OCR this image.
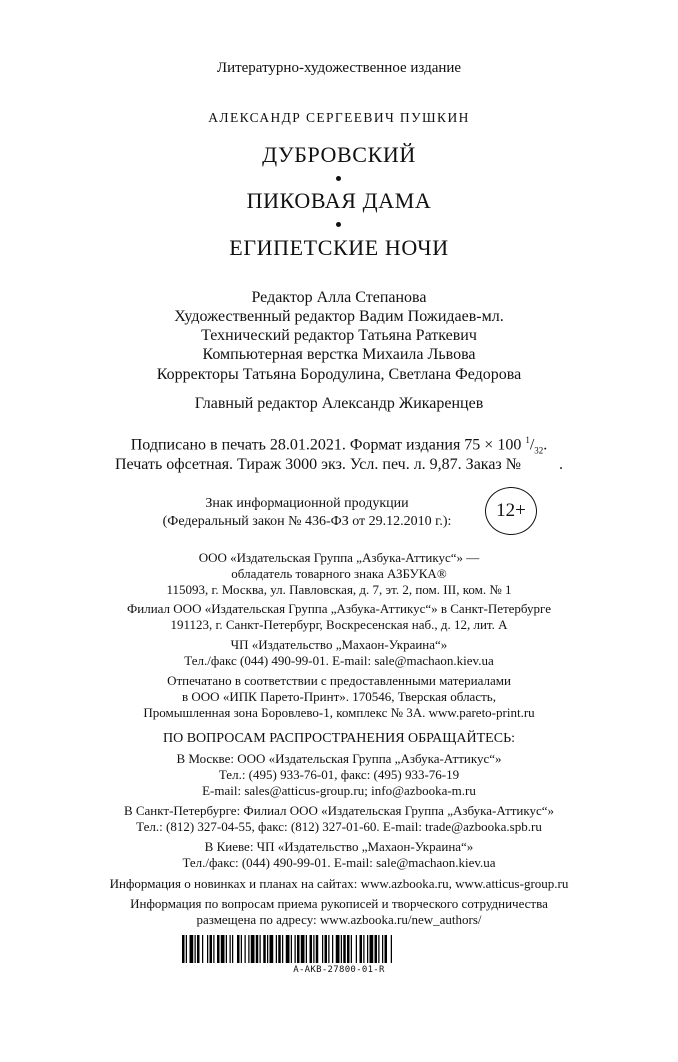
Литературно-художественное издание
АЛЕКСАНДР СЕРГЕЕВИЧ ПУШКИН
ДУБРОВСКИЙ
ПИКОВАЯ ДАМА
ЕГИПЕТСКИЕ НОЧИ
Редактор Алла Степанова
Художественный редактор Вадим Пожидаев-мл.
Технический редактор Татьяна Раткевич
Компьютерная верстка Михаила Львова
Корректоры Татьяна Бородулина, Светлана Федорова
Главный редактор Александр Жикаренцев
Подписано в печать 28.01.2021. Формат издания 75 × 100 $^1/_{32}$.
Печать офсетная. Тираж 3000 экз. Усл. печ. л. 9,87. Заказ № .
Знак информационной продукции
(Федеральный закон № 436-ФЗ от 29.12.2010 г.):
12+
ООО «Издательская Группа „Азбука-Аттикус“» —
обладатель товарного знака АЗБУКА®
115093, г. Москва, ул. Павловская, д. 7, эт. 2, пом. III, ком. № 1
Филиал ООО «Издательская Группа „Азбука-Аттикус“» в Санкт-Петербурге
191123, г. Санкт-Петербург, Воскресенская наб., д. 12, лит. А
ЧП «Издательство „Махаон-Украина“»
Тел./факс (044) 490-99-01. E-mail: sale@machaon.kiev.ua
Отпечатано в соответствии с предоставленными материалами
в ООО «ИПК Парето-Принт». 170546, Тверская область,
Промышленная зона Боровлево-1, комплекс № 3А. www.pareto-print.ru
ПО ВОПРОСАМ РАСПРОСТРАНЕНИЯ ОБРАЩАЙТЕСЬ:
В Москве: ООО «Издательская Группа „Азбука-Аттикус“»
Тел.: (495) 933-76-01, факс: (495) 933-76-19
E-mail: sales@atticus-group.ru; info@azbooka-m.ru
В Санкт-Петербурге: Филиал ООО «Издательская Группа „Азбука-Аттикус“»
Тел.: (812) 327-04-55, факс: (812) 327-01-60. E-mail: trade@azbooka.spb.ru
В Киеве: ЧП «Издательство „Махаон-Украина“»
Тел./факс: (044) 490-99-01. E-mail: sale@machaon.kiev.ua
Информация о новинках и планах на сайтах: www.azbooka.ru, www.atticus-group.ru
Информация по вопросам приема рукописей и творческого сотрудничества
размещена по адресу: www.azbooka.ru/new_authors/
A-AKB-27800-01-R
